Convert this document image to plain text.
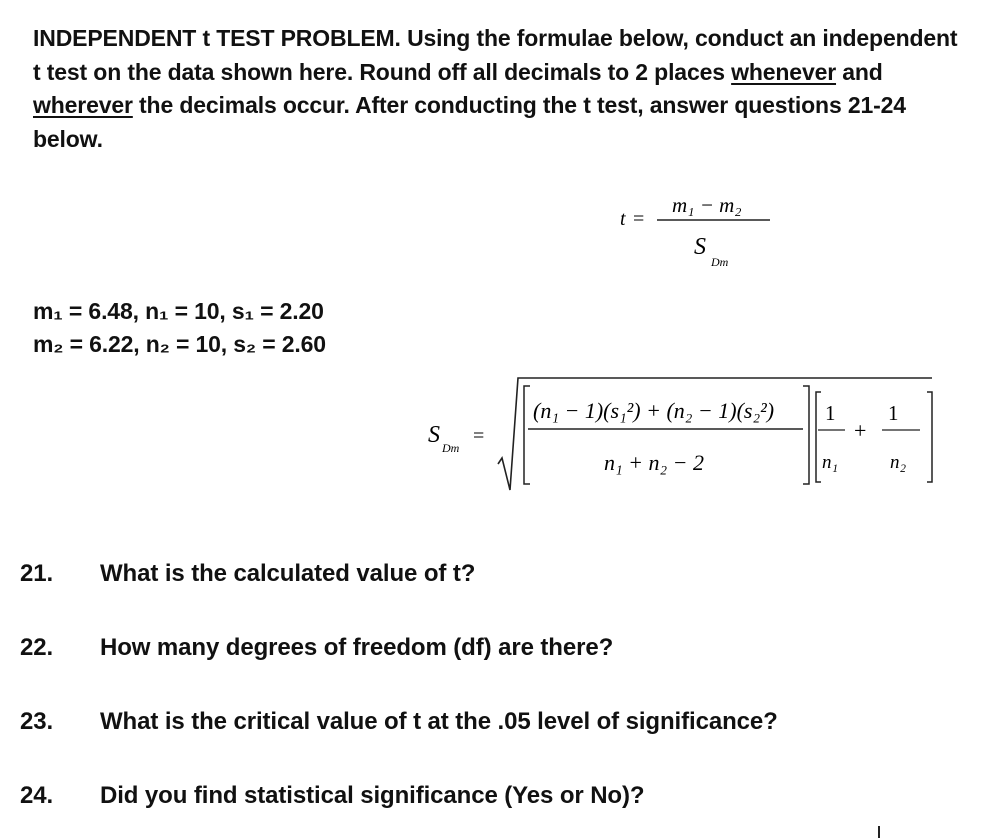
INDEPENDENT t TEST PROBLEM. Using the formulae below, conduct an independent t test on the data shown here. Round off all decimals to 2 places whenever and wherever the decimals occur. After conducting the t test, answer questions 21-24 below.
t =
m₁ − m₂
S
Dm
m₁ = 6.48, n₁ = 10, s₁ = 2.20
m₂ = 6.22, n₂ = 10, s₂ = 2.60
S Dm
=
(n₁ − 1)(s₁²) + (n₂ − 1)(s₂²)
n₁ + n₂ − 2
1
n₁
+
1
n₂
21. What is the calculated value of t?
22. How many degrees of freedom (df) are there?
23. What is the critical value of t at the .05 level of significance?
24. Did you find statistical significance (Yes or No)?
